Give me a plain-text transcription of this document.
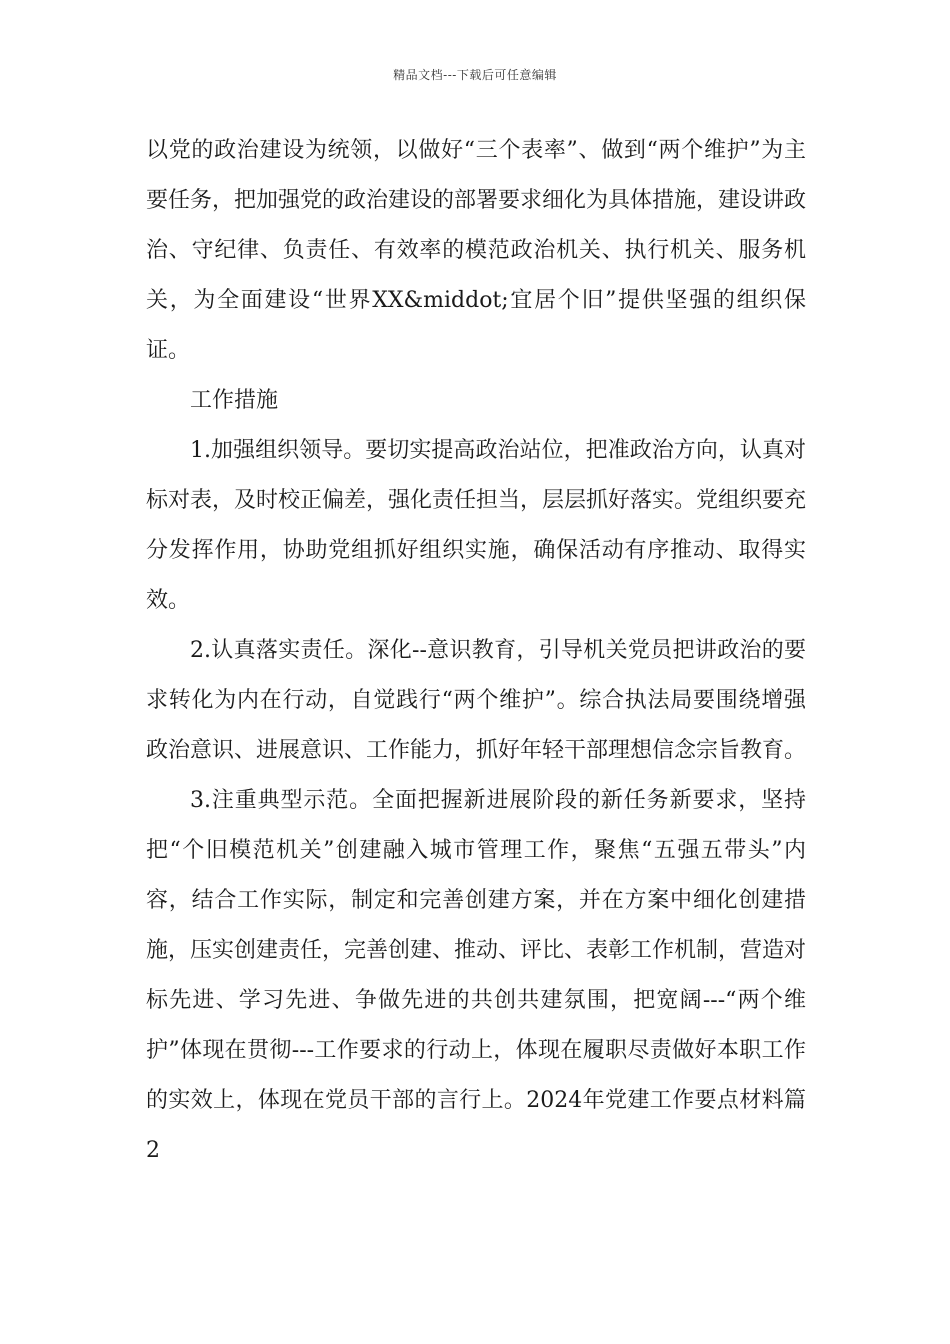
精品文档---下载后可任意编辑

以党的政治建设为统领，以做好“三个表率”、做到“两个维护”为主要任务，把加强党的政治建设的部署要求细化为具体措施，建设讲政治、守纪律、负责任、有效率的模范政治机关、执行机关、服务机关，为全面建设“世界XX&middot;宜居个旧”提供坚强的组织保证。

工作措施

1.加强组织领导。要切实提高政治站位，把准政治方向，认真对标对表，及时校正偏差，强化责任担当，层层抓好落实。党组织要充分发挥作用，协助党组抓好组织实施，确保活动有序推动、取得实效。

2.认真落实责任。深化--意识教育，引导机关党员把讲政治的要求转化为内在行动，自觉践行“两个维护”。综合执法局要围绕增强政治意识、进展意识、工作能力，抓好年轻干部理想信念宗旨教育。

3.注重典型示范。全面把握新进展阶段的新任务新要求，坚持把“个旧模范机关”创建融入城市管理工作，聚焦“五强五带头”内容，结合工作实际，制定和完善创建方案，并在方案中细化创建措施，压实创建责任，完善创建、推动、评比、表彰工作机制，营造对标先进、学习先进、争做先进的共创共建氛围，把宽阔---“两个维护”体现在贯彻---工作要求的行动上，体现在履职尽责做好本职工作的实效上，体现在党员干部的言行上。2024年党建工作要点材料篇2
